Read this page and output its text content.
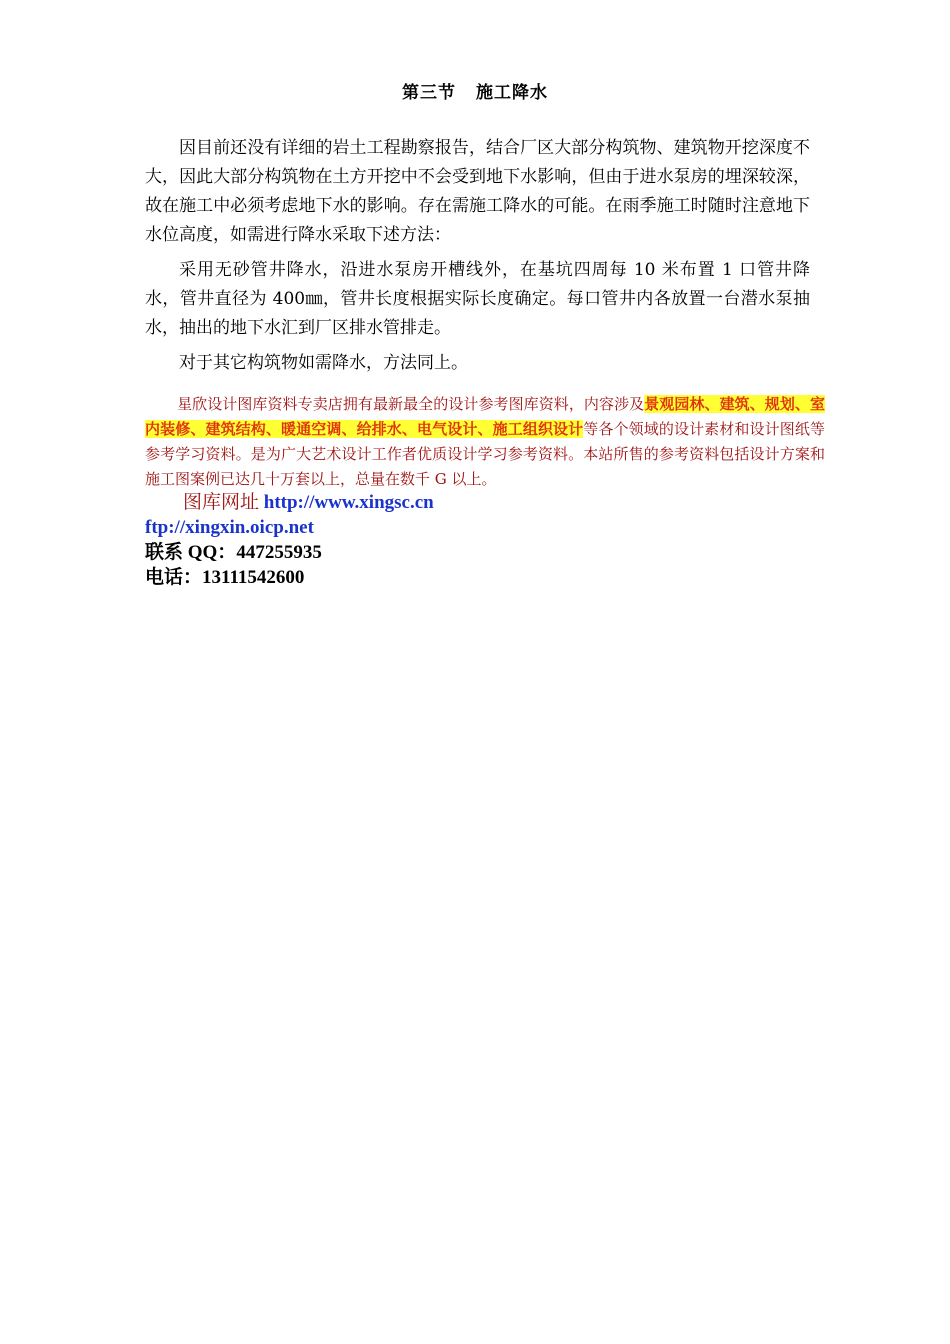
第三节 施工降水

因目前还没有详细的岩土工程勘察报告，结合厂区大部分构筑物、建筑物开挖深度不大，因此大部分构筑物在土方开挖中不会受到地下水影响，但由于进水泵房的埋深较深，故在施工中必须考虑地下水的影响。存在需施工降水的可能。在雨季施工时随时注意地下水位高度，如需进行降水采取下述方法：

采用无砂管井降水，沿进水泵房开槽线外，在基坑四周每 10 米布置 1 口管井降水，管井直径为 400㎜，管井长度根据实际长度确定。每口管井内各放置一台潜水泵抽水，抽出的地下水汇到厂区排水管排走。

对于其它构筑物如需降水，方法同上。

星欣设计图库资料专卖店拥有最新最全的设计参考图库资料，内容涉及景观园林、建筑、规划、室内装修、建筑结构、暖通空调、给排水、电气设计、施工组织设计等各个领域的设计素材和设计图纸等参考学习资料。是为广大艺术设计工作者优质设计学习参考资料。本站所售的参考资料包括设计方案和施工图案例已达几十万套以上，总量在数千 G 以上。
图库网址 http://www.xingsc.cn
ftp://xingxin.oicp.net
联系 QQ：447255935
电话：13111542600
